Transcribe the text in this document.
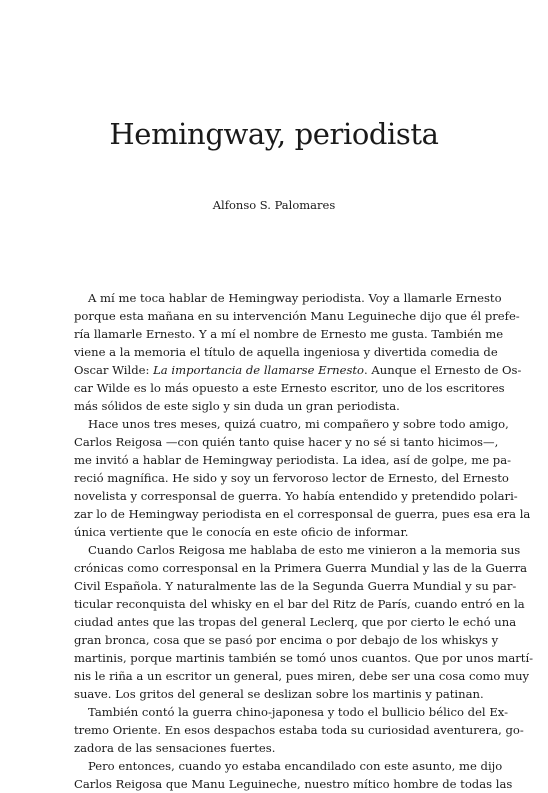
Hemingway, periodista

Alfonso S. Palomares

A mí me toca hablar de Hemingway periodista. Voy a llamarle Ernesto
porque esta mañana en su intervención Manu Leguineche dijo que él prefe-
ría llamarle Ernesto. Y a mí el nombre de Ernesto me gusta. También me
viene a la memoria el título de aquella ingeniosa y divertida comedia de
Oscar Wilde: La importancia de llamarse Ernesto. Aunque el Ernesto de Os-
car Wilde es lo más opuesto a este Ernesto escritor, uno de los escritores
más sólidos de este siglo y sin duda un gran periodista.
Hace unos tres meses, quizá cuatro, mi compañero y sobre todo amigo,
Carlos Reigosa —con quién tanto quise hacer y no sé si tanto hicimos—,
me invitó a hablar de Hemingway periodista. La idea, así de golpe, me pa-
reció magnífica. He sido y soy un fervoroso lector de Ernesto, del Ernesto
novelista y corresponsal de guerra. Yo había entendido y pretendido polari-
zar lo de Hemingway periodista en el corresponsal de guerra, pues esa era la
única vertiente que le conocía en este oficio de informar.
Cuando Carlos Reigosa me hablaba de esto me vinieron a la memoria sus
crónicas como corresponsal en la Primera Guerra Mundial y las de la Guerra
Civil Española. Y naturalmente las de la Segunda Guerra Mundial y su par-
ticular reconquista del whisky en el bar del Ritz de París, cuando entró en la
ciudad antes que las tropas del general Leclerq, que por cierto le echó una
gran bronca, cosa que se pasó por encima o por debajo de los whiskys y
martinis, porque martinis también se tomó unos cuantos. Que por unos martí-
nis le riña a un escritor un general, pues miren, debe ser una cosa como muy
suave. Los gritos del general se deslizan sobre los martinis y patinan.
También contó la guerra chino-japonesa y todo el bullicio bélico del Ex-
tremo Oriente. En esos despachos estaba toda su curiosidad aventurera, go-
zadora de las sensaciones fuertes.
Pero entonces, cuando yo estaba encandilado con este asunto, me dijo
Carlos Reigosa que Manu Leguineche, nuestro mítico hombre de todas las
